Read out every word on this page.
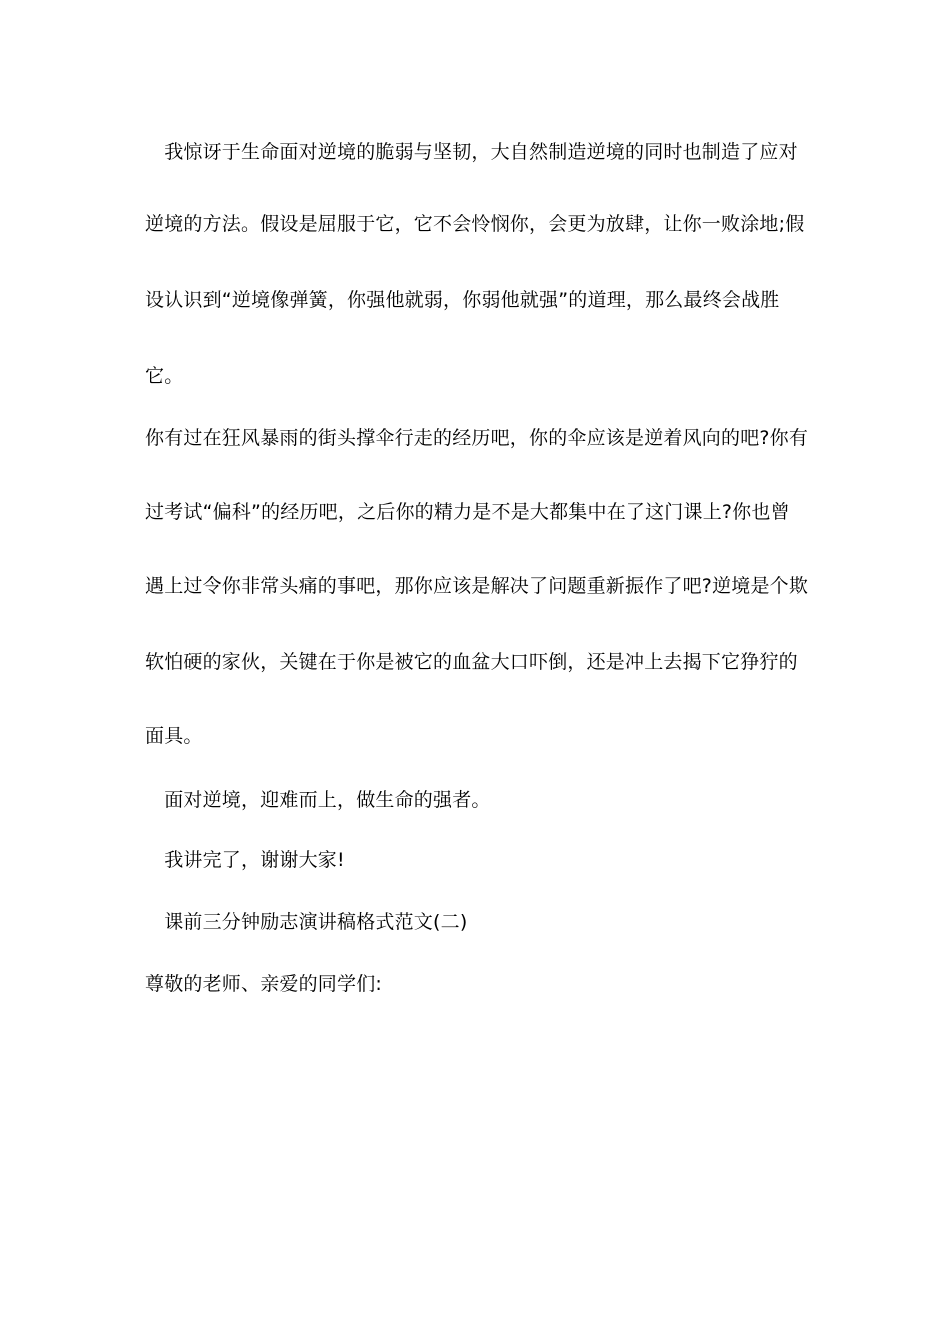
　我惊讶于生命面对逆境的脆弱与坚韧，大自然制造逆境的同时也制造了应对
逆境的方法。假设是屈服于它，它不会怜悯你，会更为放肆，让你一败涂地;假
设认识到“逆境像弹簧，你强他就弱，你弱他就强”的道理，那么最终会战胜
它。
你有过在狂风暴雨的街头撑伞行走的经历吧，你的伞应该是逆着风向的吧?你有
过考试“偏科”的经历吧，之后你的精力是不是大都集中在了这门课上?你也曾
遇上过令你非常头痛的事吧，那你应该是解决了问题重新振作了吧?逆境是个欺
软怕硬的家伙，关键在于你是被它的血盆大口吓倒，还是冲上去揭下它狰狞的
面具。
　面对逆境，迎难而上，做生命的强者。
　我讲完了，谢谢大家!
　课前三分钟励志演讲稿格式范文(二)
尊敬的老师、亲爱的同学们:
